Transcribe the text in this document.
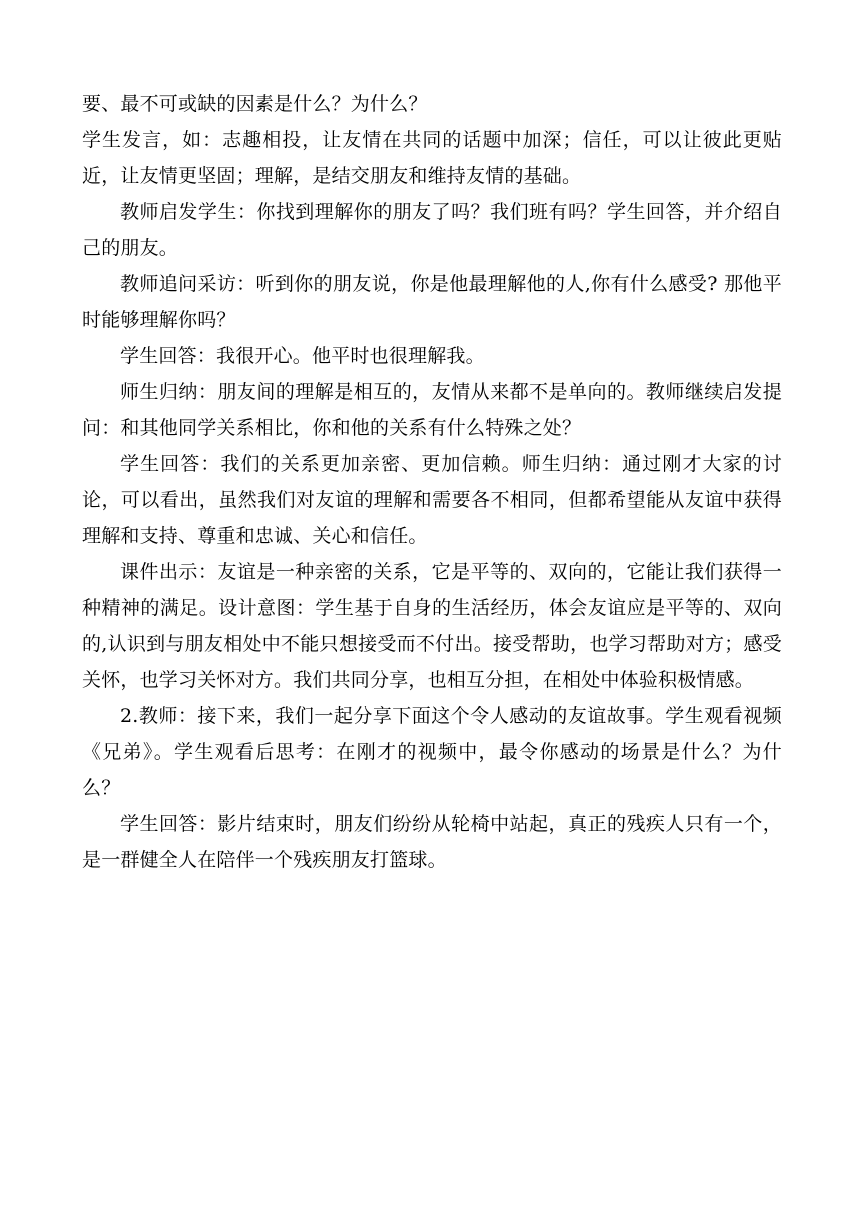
要、最不可或缺的因素是什么？为什么？

学生发言，如：志趣相投，让友情在共同的话题中加深；信任，可以让彼此更贴近，让友情更坚固；理解，是结交朋友和维持友情的基础。

教师启发学生：你找到理解你的朋友了吗？我们班有吗？学生回答，并介绍自己的朋友。

教师追问采访：听到你的朋友说，你是他最理解他的人,你有什么感受? 那他平时能够理解你吗？

学生回答：我很开心。他平时也很理解我。

师生归纳：朋友间的理解是相互的，友情从来都不是单向的。教师继续启发提问：和其他同学关系相比，你和他的关系有什么特殊之处？

学生回答：我们的关系更加亲密、更加信赖。师生归纳：通过刚才大家的讨论，可以看出，虽然我们对友谊的理解和需要各不相同，但都希望能从友谊中获得理解和支持、尊重和忠诚、关心和信任。

课件出示：友谊是一种亲密的关系，它是平等的、双向的，它能让我们获得一种精神的满足。设计意图：学生基于自身的生活经历，体会友谊应是平等的、双向的,认识到与朋友相处中不能只想接受而不付出。接受帮助，也学习帮助对方；感受关怀，也学习关怀对方。我们共同分享，也相互分担，在相处中体验积极情感。

2.教师：接下来，我们一起分享下面这个令人感动的友谊故事。学生观看视频《兄弟》。学生观看后思考：在刚才的视频中，最令你感动的场景是什么？为什么？

学生回答：影片结束时，朋友们纷纷从轮椅中站起，真正的残疾人只有一个，是一群健全人在陪伴一个残疾朋友打篮球。
